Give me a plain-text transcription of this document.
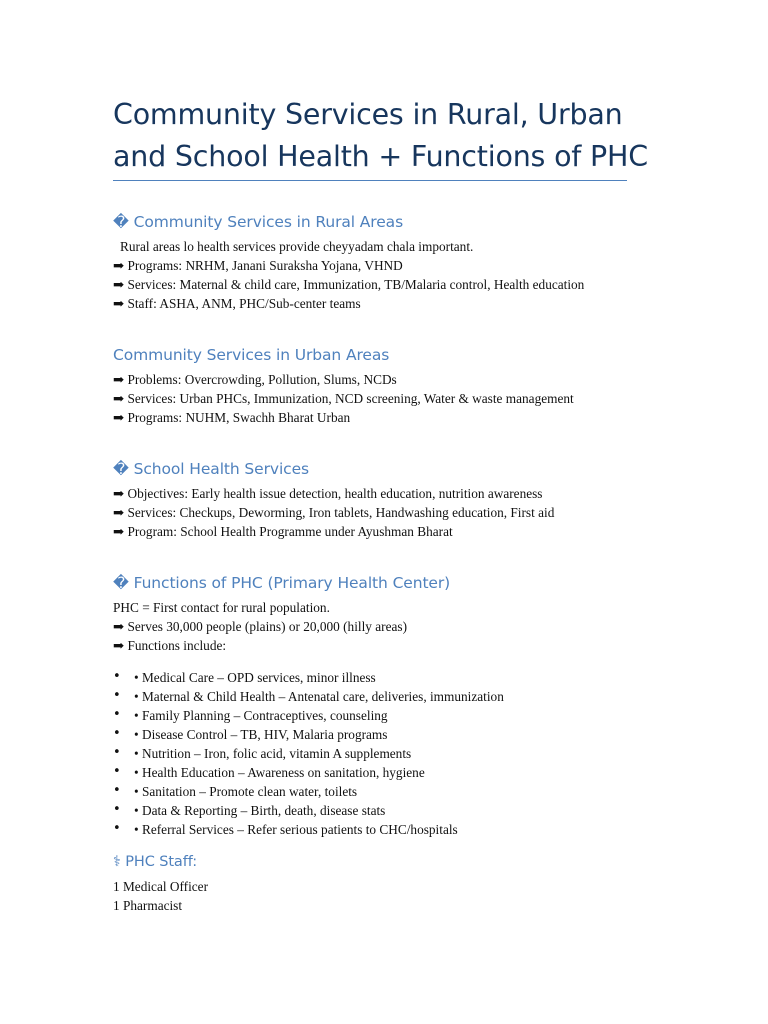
Community Services in Rural, Urban
and School Health + Functions of PHC
� Community Services in Rural Areas
Rural areas lo health services provide cheyyadam chala important.
➡ Programs: NRHM, Janani Suraksha Yojana, VHND
➡ Services: Maternal & child care, Immunization, TB/Malaria control, Health education
➡ Staff: ASHA, ANM, PHC/Sub-center teams
Community Services in Urban Areas
➡ Problems: Overcrowding, Pollution, Slums, NCDs
➡ Services: Urban PHCs, Immunization, NCD screening, Water & waste management
➡ Programs: NUHM, Swachh Bharat Urban
� School Health Services
➡ Objectives: Early health issue detection, health education, nutrition awareness
➡ Services: Checkups, Deworming, Iron tablets, Handwashing education, First aid
➡ Program: School Health Programme under Ayushman Bharat
� Functions of PHC (Primary Health Center)
PHC = First contact for rural population.
➡ Serves 30,000 people (plains) or 20,000 (hilly areas)
➡ Functions include:
• • Medical Care – OPD services, minor illness
• • Maternal & Child Health – Antenatal care, deliveries, immunization
• • Family Planning – Contraceptives, counseling
• • Disease Control – TB, HIV, Malaria programs
• • Nutrition – Iron, folic acid, vitamin A supplements
• • Health Education – Awareness on sanitation, hygiene
• • Sanitation – Promote clean water, toilets
• • Data & Reporting – Birth, death, disease stats
• • Referral Services – Refer serious patients to CHC/hospitals
⚕ PHC Staff:
1 Medical Officer
1 Pharmacist
